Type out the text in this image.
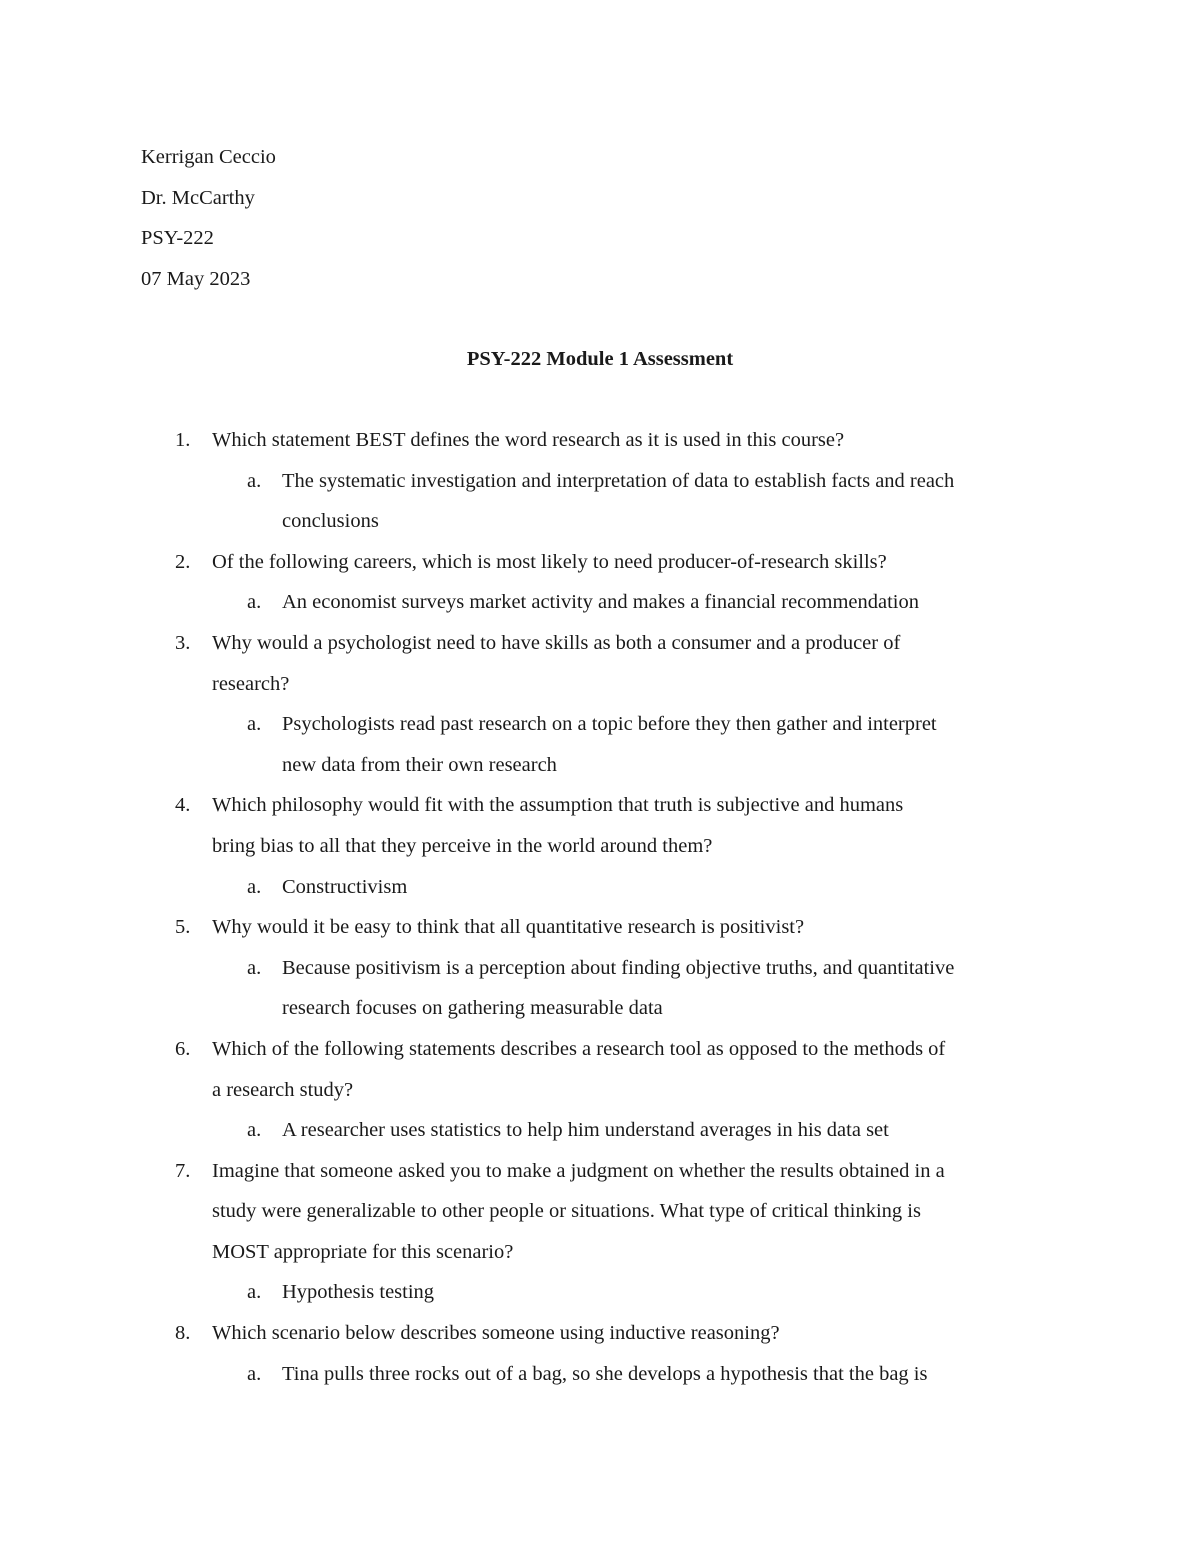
Kerrigan Ceccio
Dr. McCarthy
PSY-222
07 May 2023
PSY-222 Module 1 Assessment
1. Which statement BEST defines the word research as it is used in this course?
a. The systematic investigation and interpretation of data to establish facts and reach
conclusions
2. Of the following careers, which is most likely to need producer-of-research skills?
a. An economist surveys market activity and makes a financial recommendation
3. Why would a psychologist need to have skills as both a consumer and a producer of
research?
a. Psychologists read past research on a topic before they then gather and interpret
new data from their own research
4. Which philosophy would fit with the assumption that truth is subjective and humans
bring bias to all that they perceive in the world around them?
a. Constructivism
5. Why would it be easy to think that all quantitative research is positivist?
a. Because positivism is a perception about finding objective truths, and quantitative
research focuses on gathering measurable data
6. Which of the following statements describes a research tool as opposed to the methods of
a research study?
a. A researcher uses statistics to help him understand averages in his data set
7. Imagine that someone asked you to make a judgment on whether the results obtained in a
study were generalizable to other people or situations. What type of critical thinking is
MOST appropriate for this scenario?
a. Hypothesis testing
8. Which scenario below describes someone using inductive reasoning?
a. Tina pulls three rocks out of a bag, so she develops a hypothesis that the bag is
